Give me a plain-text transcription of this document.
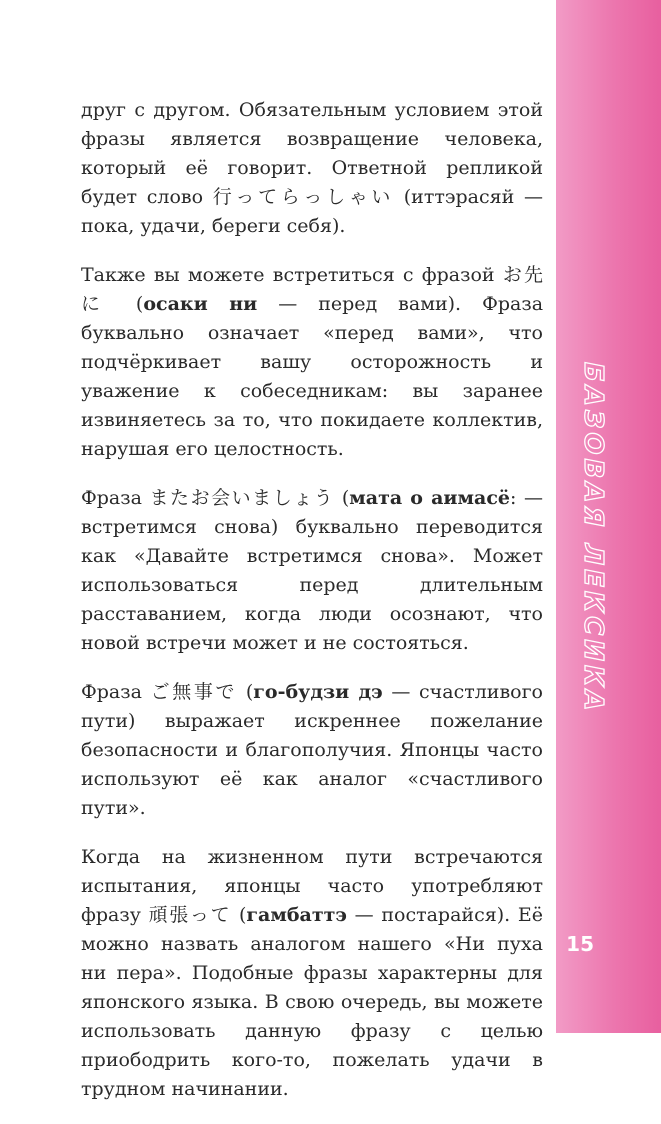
друг с другом. Обязательным условием этой фразы является возвращение человека, который её говорит. Ответной репликой будет слово 行ってらっしゃい (иттэрасяй — пока, удачи, береги себя).

Также вы можете встретиться с фразой お先に (осаки ни — перед вами). Фраза буквально означает «перед вами», что подчёркивает вашу осторожность и уважение к собеседникам: вы заранее извиняетесь за то, что покидаете коллектив, нарушая его целостность.

Фраза またお会いましょう (мата о аимасё: — встретимся снова) буквально переводится как «Давайте встретимся снова». Может использоваться перед длительным расставанием, когда люди осознают, что новой встречи может и не состояться.

Фраза ご無事で (го-будзи дэ — счастливого пути) выражает искреннее пожелание безопасности и благополучия. Японцы часто используют её как аналог «счастливого пути».

Когда на жизненном пути встречаются испытания, японцы часто употребляют фразу 頑張って (гамбаттэ — постарайся). Её можно назвать аналогом нашего «Ни пуха ни пера». Подобные фразы характерны для японского языка. В свою очередь, вы можете использовать данную фразу с целью приободрить кого-то, пожелать удачи в трудном начинании.

БАЗОВАЯ ЛЕКСИКА
15
